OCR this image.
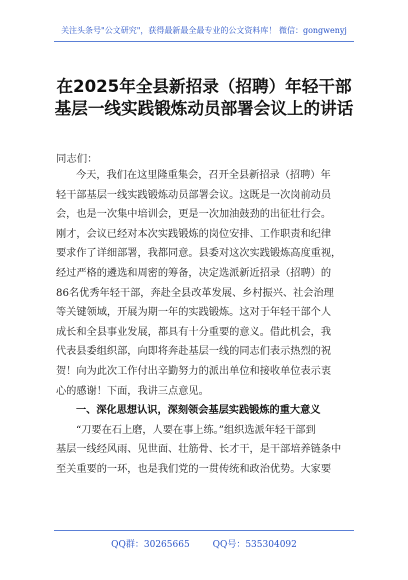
关注头条号"公文研究"，获得最新最全最专业的公文资料库！ 微信：gongwenyj
在2025年全县新招录（招聘）年轻干部
基层一线实践锻炼动员部署会议上的讲话
同志们：
今天，我们在这里隆重集会，召开全县新招录（招聘）年
轻干部基层一线实践锻炼动员部署会议。这既是一次岗前动员
会，也是一次集中培训会，更是一次加油鼓劲的出征壮行会。
刚才，会议已经对本次实践锻炼的岗位安排、工作职责和纪律
要求作了详细部署，我都同意。县委对这次实践锻炼高度重视，
经过严格的遴选和周密的筹备，决定选派新近招录（招聘）的
86名优秀年轻干部，奔赴全县改革发展、乡村振兴、社会治理
等关键领域，开展为期一年的实践锻炼。这对于年轻干部个人
成长和全县事业发展，都具有十分重要的意义。借此机会，我
代表县委组织部，向即将奔赴基层一线的同志们表示热烈的祝
贺！向为此次工作付出辛勤努力的派出单位和接收单位表示衷
心的感谢！下面，我讲三点意见。
一、深化思想认识，深刻领会基层实践锻炼的重大意义
“刀要在石上磨，人要在事上练。”组织选派年轻干部到
基层一线经风雨、见世面、壮筋骨、长才干，是干部培养链条中
至关重要的一环，也是我们党的一贯传统和政治优势。大家要
QQ群：30265665	QQ号：535304092
